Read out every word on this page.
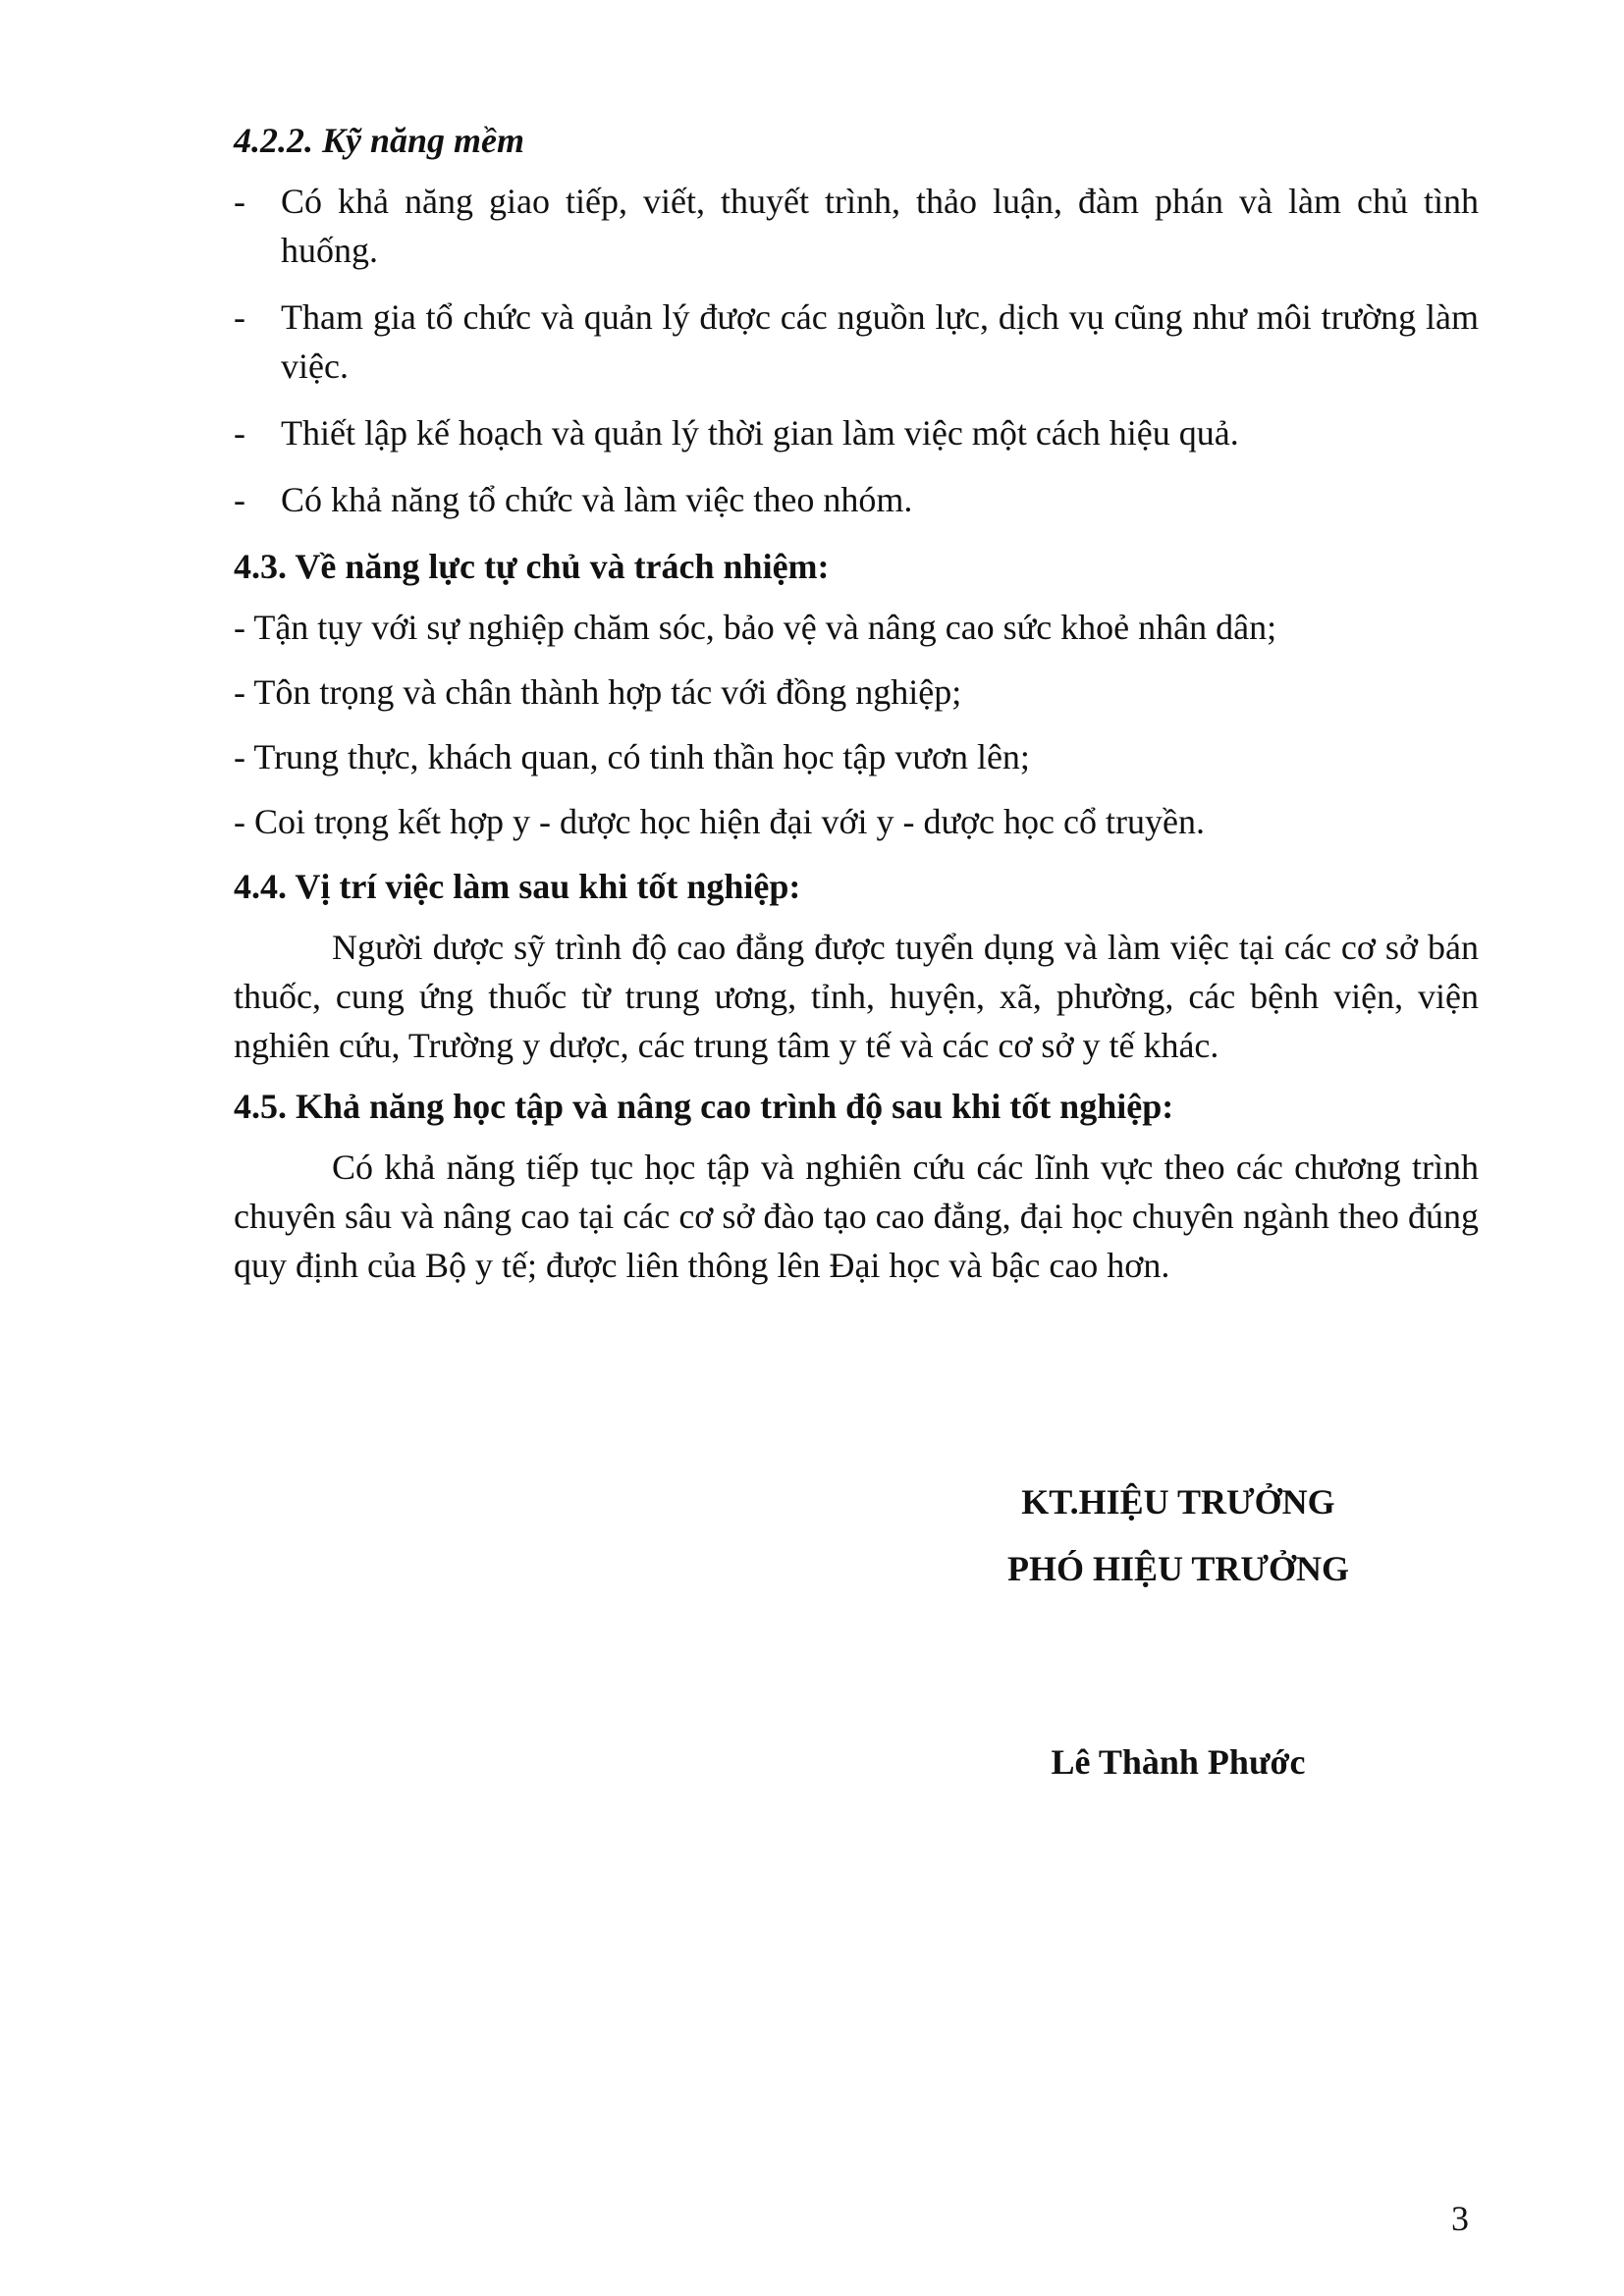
4.2.2. Kỹ năng mềm
-	Có khả năng giao tiếp, viết, thuyết trình, thảo luận, đàm phán và làm chủ tình huống.
-	Tham gia tổ chức và quản lý được các nguồn lực, dịch vụ cũng như môi trường làm việc.
-	Thiết lập kế hoạch và quản lý thời gian làm việc một cách hiệu quả.
-	Có khả năng tổ chức và làm việc theo nhóm.
4.3. Về năng lực tự chủ và trách nhiệm:
- Tận tụy với sự nghiệp chăm sóc, bảo vệ và nâng cao sức khoẻ nhân dân;
- Tôn trọng và chân thành hợp tác với đồng nghiệp;
- Trung thực, khách quan, có tinh thần học tập vươn lên;
- Coi trọng kết hợp y - dược học hiện đại với y - dược học cổ truyền.
4.4. Vị trí việc làm sau khi tốt nghiệp:
Người dược sỹ trình độ cao đẳng được tuyển dụng và làm việc tại các cơ sở bán thuốc, cung ứng thuốc từ trung ương, tỉnh, huyện, xã, phường, các bệnh viện, viện nghiên cứu, Trường y dược, các trung tâm y tế và các cơ sở y tế khác.
4.5. Khả năng học tập và nâng cao trình độ sau khi tốt nghiệp:
Có khả năng tiếp tục học tập và nghiên cứu các lĩnh vực theo các chương trình chuyên sâu và nâng cao tại các cơ sở đào tạo cao đẳng, đại học chuyên ngành theo đúng quy định của Bộ y tế; được liên thông lên Đại học và bậc cao hơn.
KT.HIỆU TRƯỞNG
PHÓ HIỆU TRƯỞNG
Lê Thành Phước
3
